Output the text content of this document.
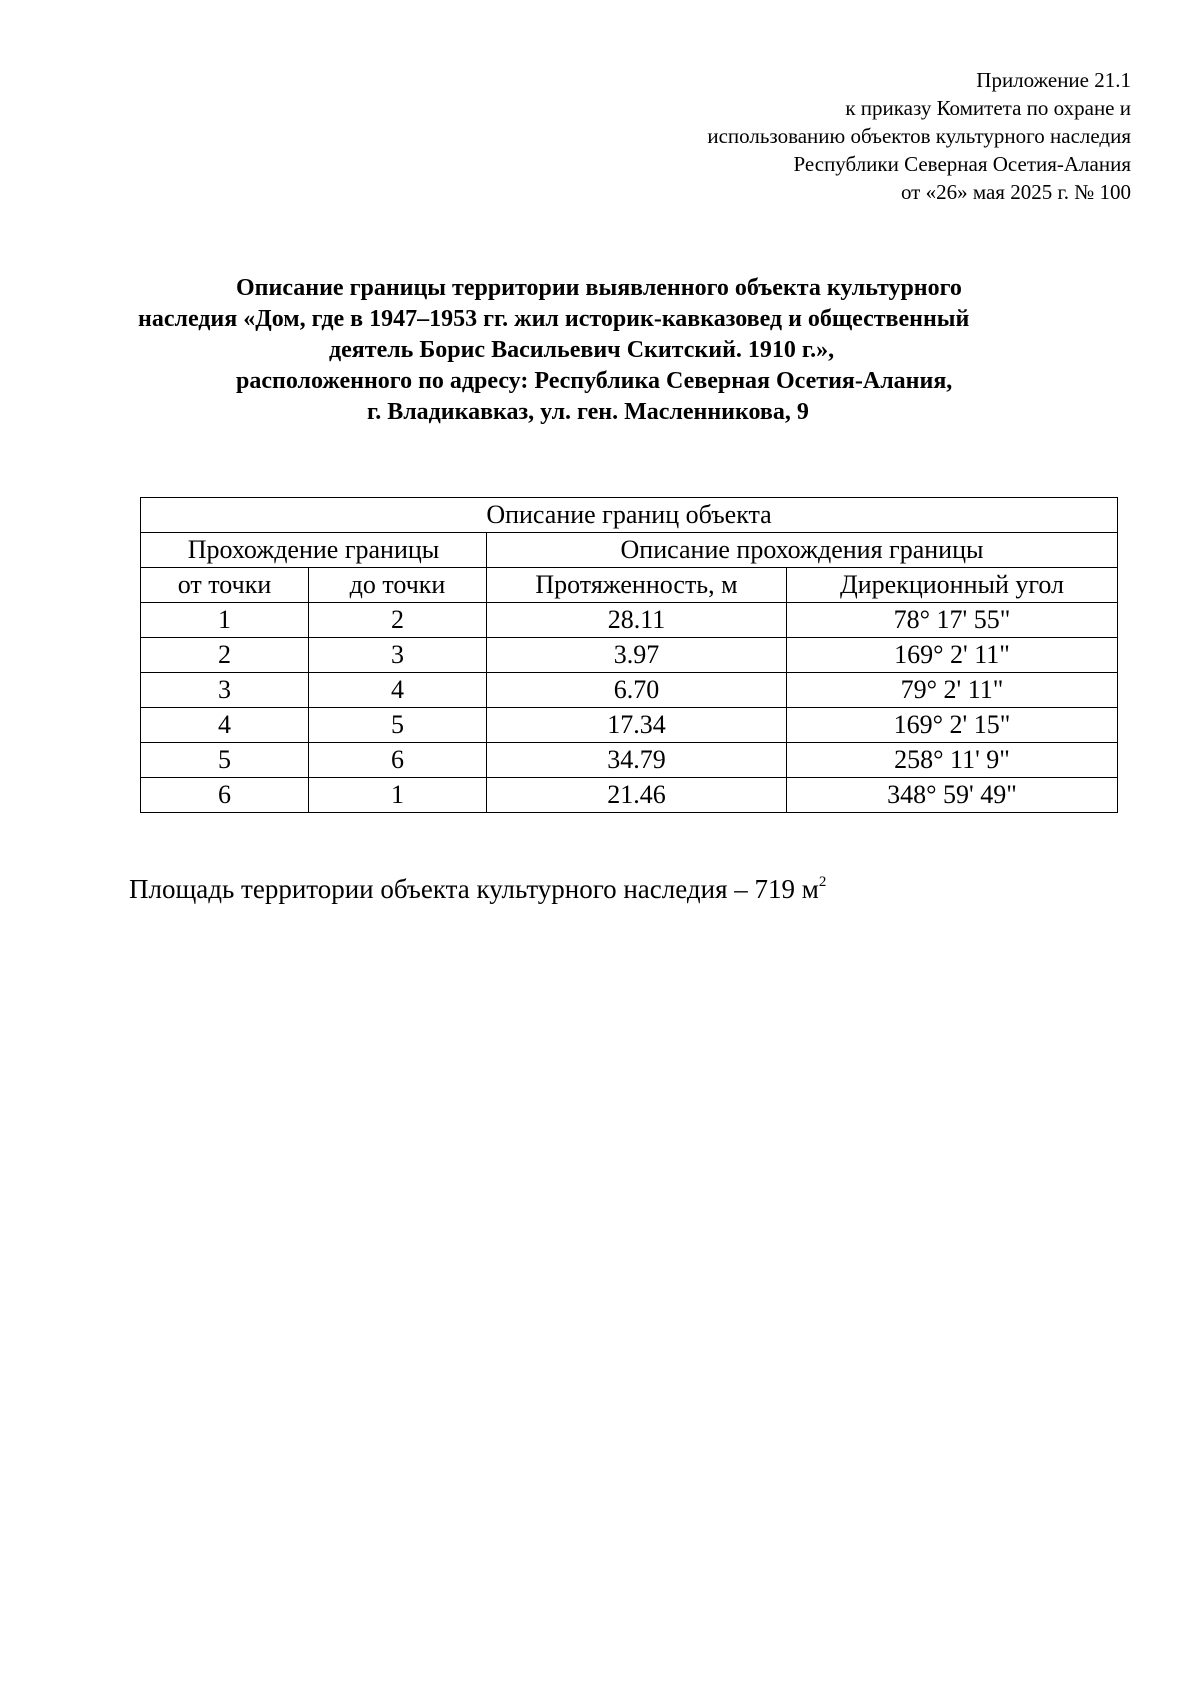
Приложение 21.1
к приказу Комитета по охране и
использованию объектов культурного наследия
Республики Северная Осетия-Алания
от «26» мая 2025 г. № 100
Описание границы территории выявленного объекта культурного
наследия «Дом, где в 1947–1953 гг. жил историк-кавказовед и общественный
деятель Борис Васильевич Скитский. 1910 г.»,
расположенного по адресу: Республика Северная Осетия-Алания,
г. Владикавказ, ул. ген. Масленникова, 9
Описание границ объекта			
Прохождение границы		Описание прохождения границы	
от точки	до точки	Протяженность, м	Дирекционный угол
1	2	28.11	78° 17' 55"
2	3	3.97	169° 2' 11"
3	4	6.70	79° 2' 11"
4	5	17.34	169° 2' 15"
5	6	34.79	258° 11' 9"
6	1	21.46	348° 59' 49"
Площадь территории объекта культурного наследия – 719 $м^2$
